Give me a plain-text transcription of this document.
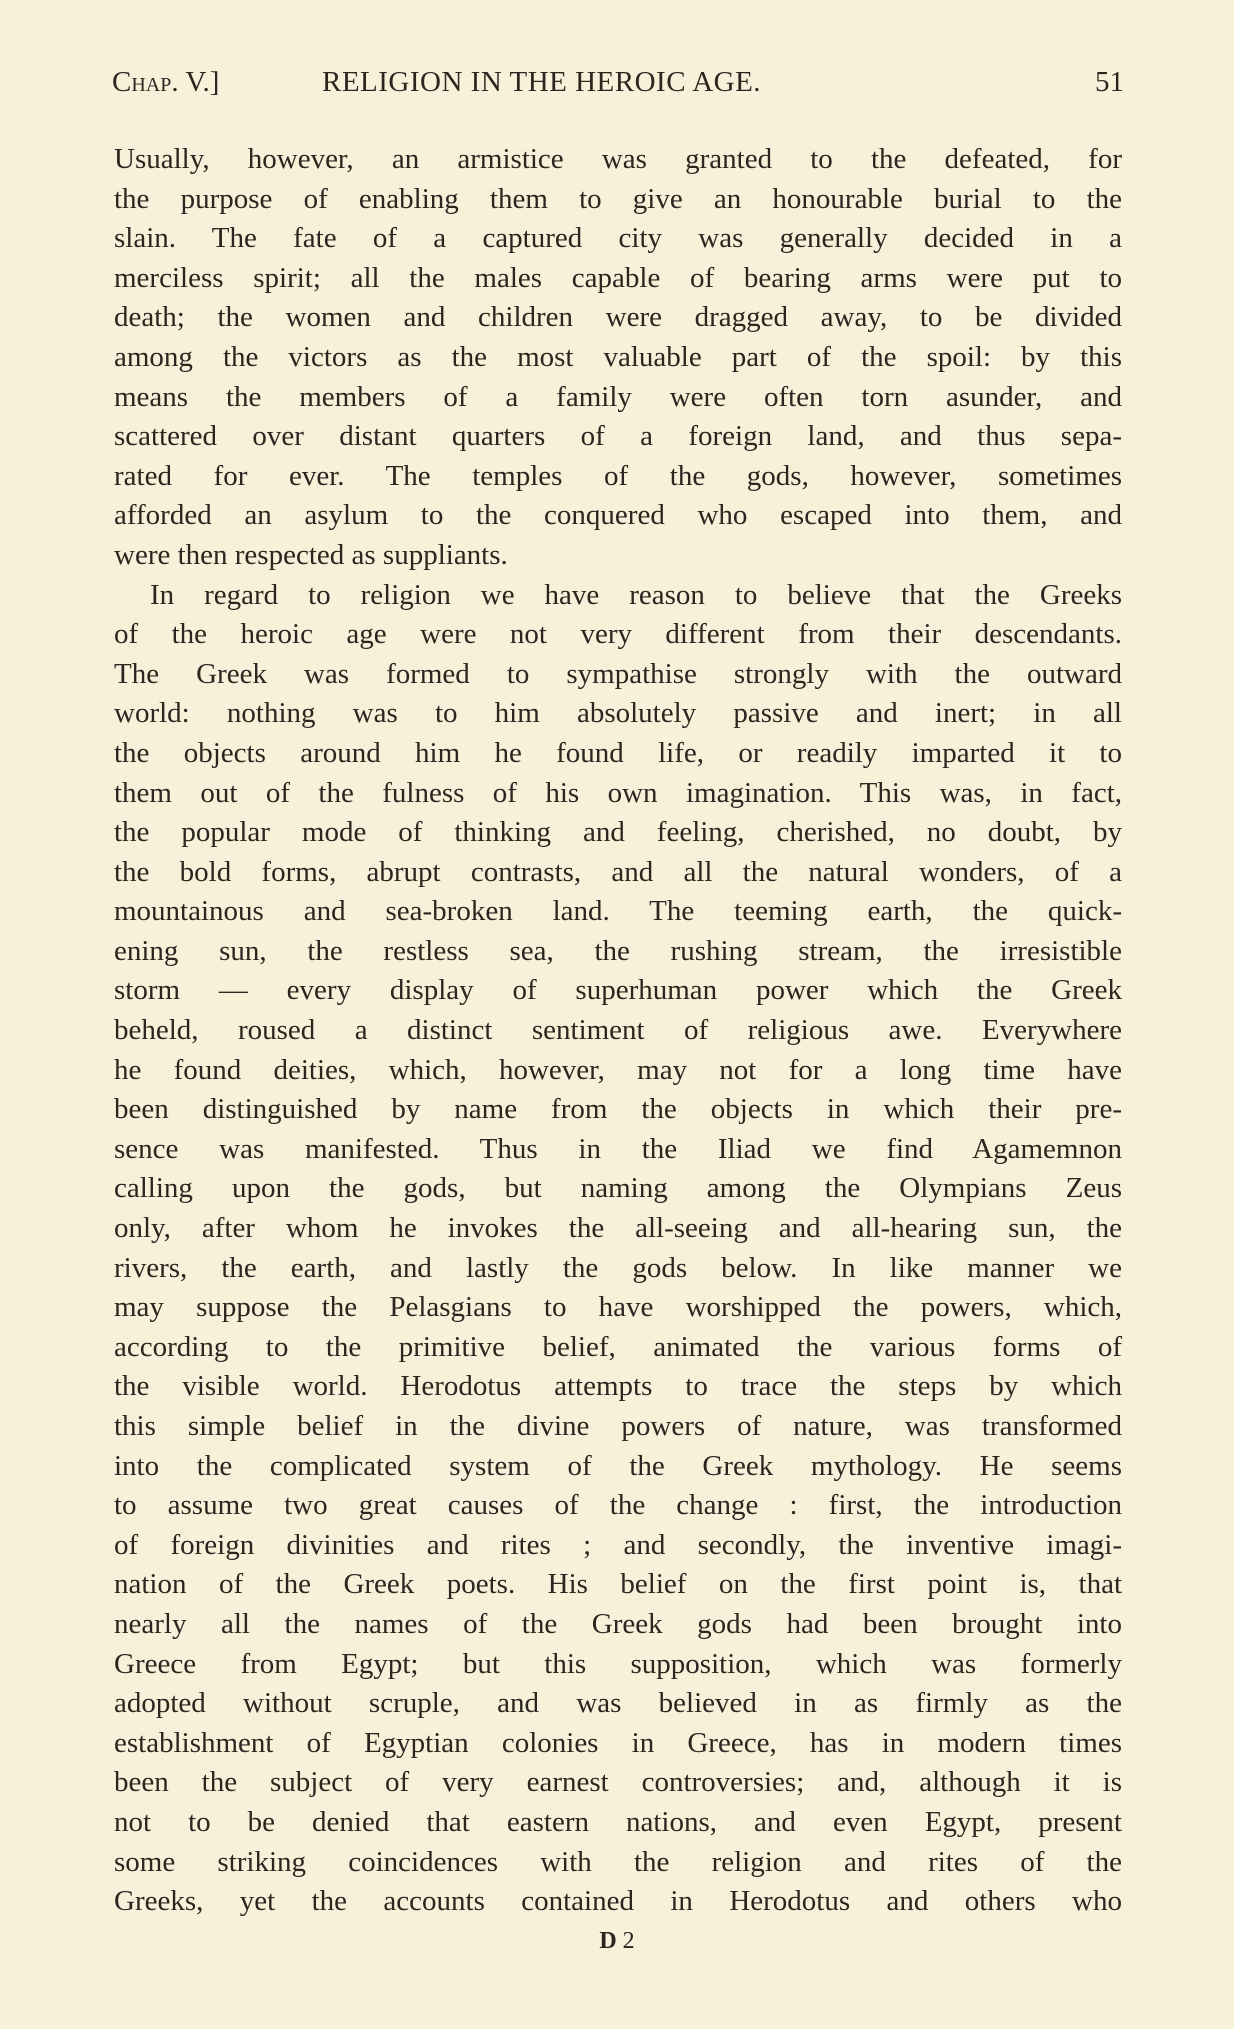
Chap. V.]	RELIGION IN THE HEROIC AGE.	51
Usually, however, an armistice was granted to the defeated, for
the purpose of enabling them to give an honourable burial to the
slain. The fate of a captured city was generally decided in a
merciless spirit; all the males capable of bearing arms were put to
death; the women and children were dragged away, to be divided
among the victors as the most valuable part of the spoil: by this
means the members of a family were often torn asunder, and
scattered over distant quarters of a foreign land, and thus sepa-
rated for ever. The temples of the gods, however, sometimes
afforded an asylum to the conquered who escaped into them, and
were then respected as suppliants.
In regard to religion we have reason to believe that the Greeks
of the heroic age were not very different from their descendants.
The Greek was formed to sympathise strongly with the outward
world: nothing was to him absolutely passive and inert; in all
the objects around him he found life, or readily imparted it to
them out of the fulness of his own imagination. This was, in fact,
the popular mode of thinking and feeling, cherished, no doubt, by
the bold forms, abrupt contrasts, and all the natural wonders, of a
mountainous and sea-broken land. The teeming earth, the quick-
ening sun, the restless sea, the rushing stream, the irresistible
storm — every display of superhuman power which the Greek
beheld, roused a distinct sentiment of religious awe. Everywhere
he found deities, which, however, may not for a long time have
been distinguished by name from the objects in which their pre-
sence was manifested. Thus in the Iliad we find Agamemnon
calling upon the gods, but naming among the Olympians Zeus
only, after whom he invokes the all-seeing and all-hearing sun, the
rivers, the earth, and lastly the gods below. In like manner we
may suppose the Pelasgians to have worshipped the powers, which,
according to the primitive belief, animated the various forms of
the visible world. Herodotus attempts to trace the steps by which
this simple belief in the divine powers of nature, was transformed
into the complicated system of the Greek mythology. He seems
to assume two great causes of the change : first, the introduction
of foreign divinities and rites ; and secondly, the inventive imagi-
nation of the Greek poets. His belief on the first point is, that
nearly all the names of the Greek gods had been brought into
Greece from Egypt; but this supposition, which was formerly
adopted without scruple, and was believed in as firmly as the
establishment of Egyptian colonies in Greece, has in modern times
been the subject of very earnest controversies; and, although it is
not to be denied that eastern nations, and even Egypt, present
some striking coincidences with the religion and rites of the
Greeks, yet the accounts contained in Herodotus and others who
D 2
